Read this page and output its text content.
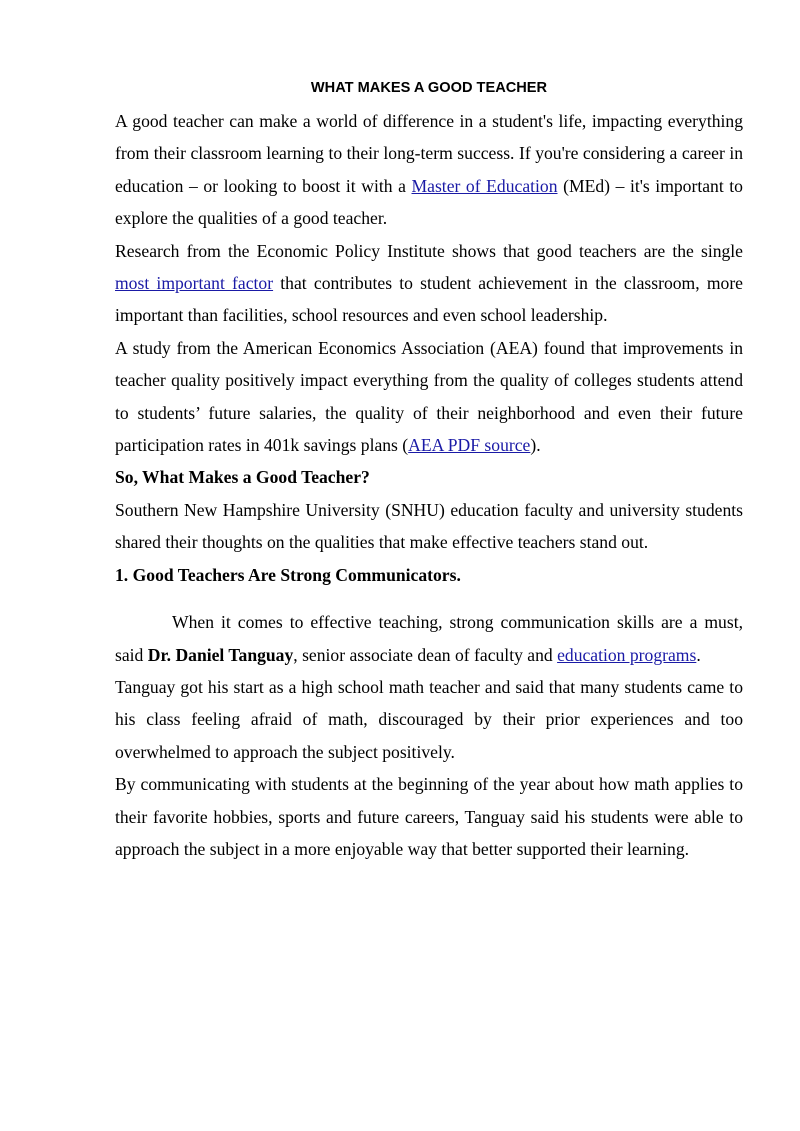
WHAT MAKES A GOOD TEACHER

A good teacher can make a world of difference in a student's life, impacting everything from their classroom learning to their long-term success. If you're considering a career in education – or looking to boost it with a Master of Education (MEd) – it's important to explore the qualities of a good teacher.

Research from the Economic Policy Institute shows that good teachers are the single most important factor that contributes to student achievement in the classroom, more important than facilities, school resources and even school leadership.

A study from the American Economics Association (AEA) found that improvements in teacher quality positively impact everything from the quality of colleges students attend to students’ future salaries, the quality of their neighborhood and even their future participation rates in 401k savings plans (AEA PDF source).

So, What Makes a Good Teacher?

Southern New Hampshire University (SNHU) education faculty and university students shared their thoughts on the qualities that make effective teachers stand out.

1. Good Teachers Are Strong Communicators.

When it comes to effective teaching, strong communication skills are a must, said Dr. Daniel Tanguay, senior associate dean of faculty and education programs.

Tanguay got his start as a high school math teacher and said that many students came to his class feeling afraid of math, discouraged by their prior experiences and too overwhelmed to approach the subject positively.

By communicating with students at the beginning of the year about how math applies to their favorite hobbies, sports and future careers, Tanguay said his students were able to approach the subject in a more enjoyable way that better supported their learning.
